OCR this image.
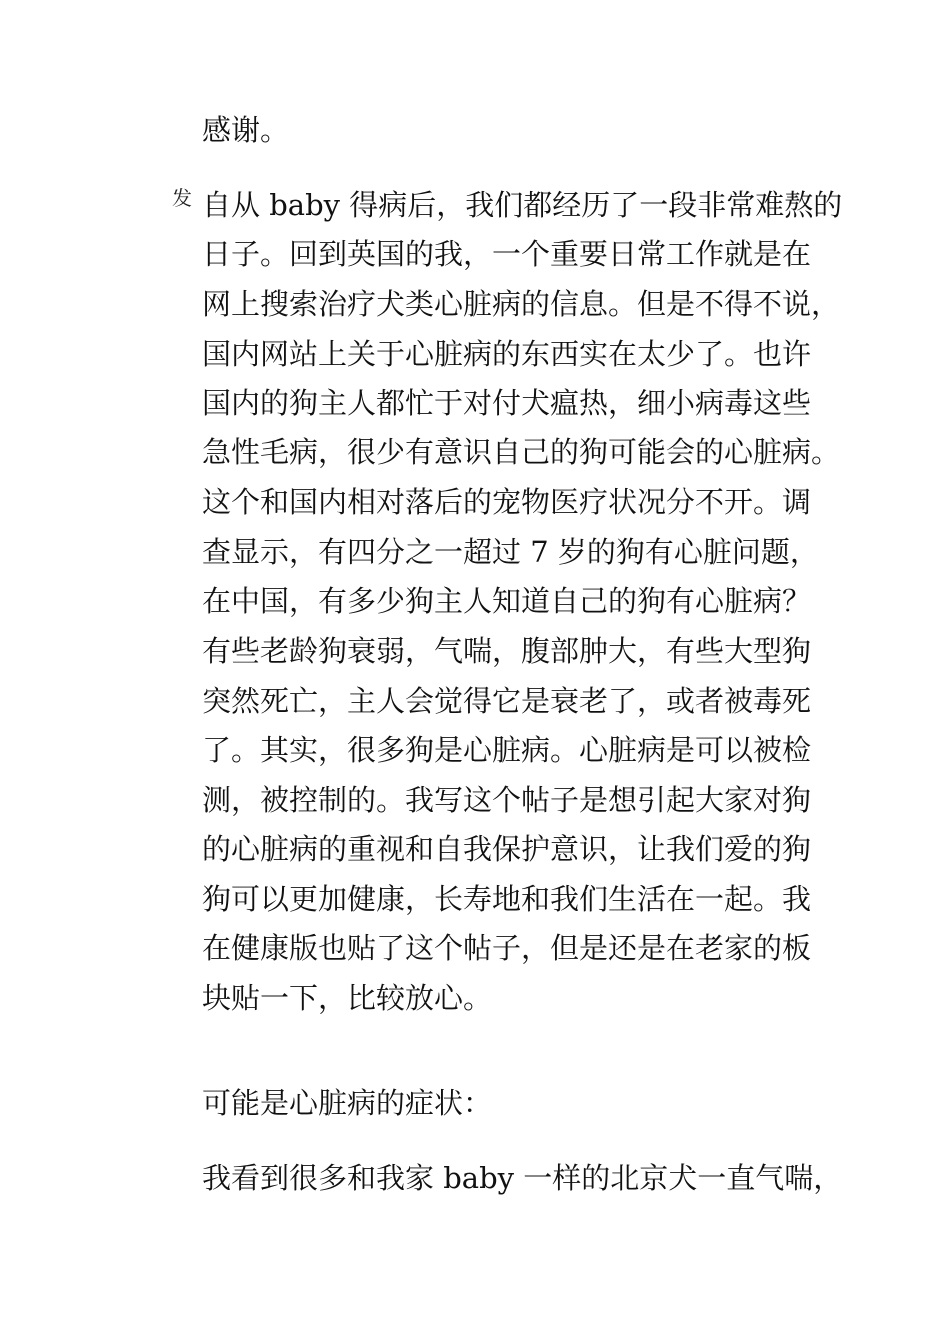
发
感谢。
自从 baby 得病后，我们都经历了一段非常难熬的
日子。回到英国的我，一个重要日常工作就是在
网上搜索治疗犬类心脏病的信息。但是不得不说，
国内网站上关于心脏病的东西实在太少了。也许
国内的狗主人都忙于对付犬瘟热，细小病毒这些
急性毛病，很少有意识自己的狗可能会的心脏病。
这个和国内相对落后的宠物医疗状况分不开。调
查显示，有四分之一超过 7 岁的狗有心脏问题，
在中国，有多少狗主人知道自己的狗有心脏病？
有些老龄狗衰弱，气喘，腹部肿大，有些大型狗
突然死亡，主人会觉得它是衰老了，或者被毒死
了。其实，很多狗是心脏病。心脏病是可以被检
测，被控制的。我写这个帖子是想引起大家对狗
的心脏病的重视和自我保护意识，让我们爱的狗
狗可以更加健康，长寿地和我们生活在一起。我
在健康版也贴了这个帖子，但是还是在老家的板
块贴一下，比较放心。
可能是心脏病的症状：
我看到很多和我家 baby 一样的北京犬一直气喘，
